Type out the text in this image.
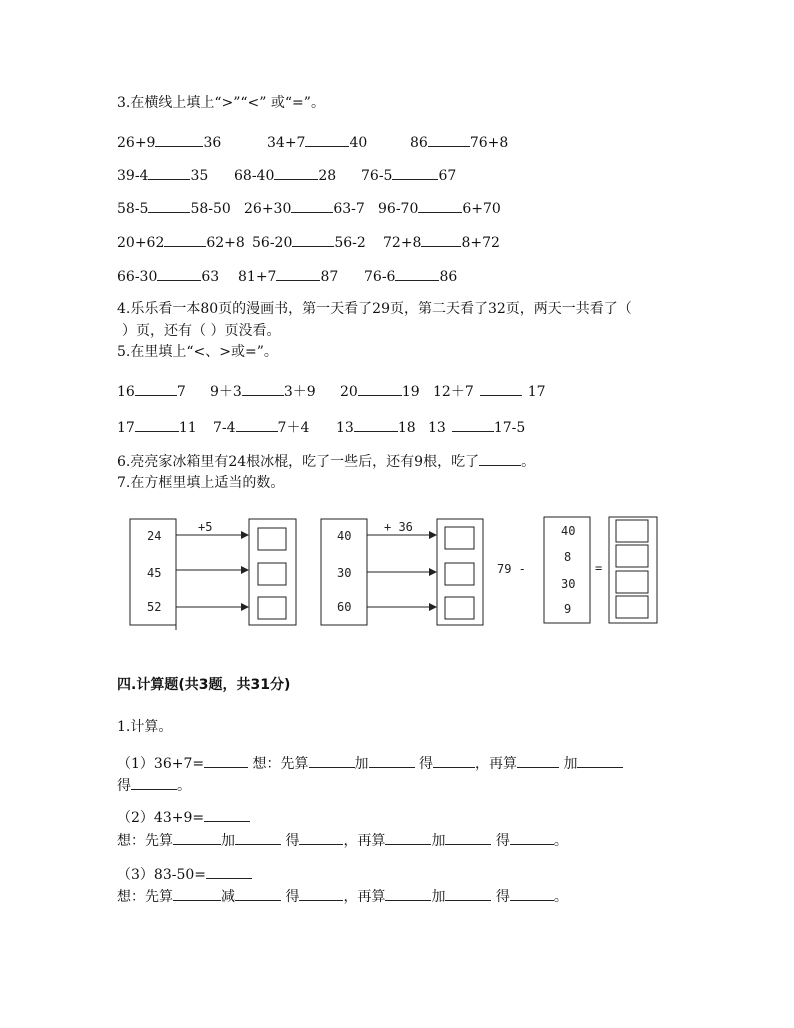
3.在横线上填上“>”“<” 或“=”。
26+9	36	34+7	40	86	76+8
39-4	35 68-40	28 76-5	67
58-5	58-50 26+30	63-7 96-70	6+70
20+62	62+8 56-20	56-2 72+8	8+72
66-30	63 81+7	87 76-6	86
4.乐乐看一本80页的漫画书，第一天看了29页，第二天看了32页，两天一共看了（
）页，还有（ ）页没看。
5.在里填上“<、>或=”。
16	7 9＋3	3＋9 20	19 12＋7	17
17	11 7-4	7＋4 13	18 13	17-5
6.亮亮家冰箱里有24根冰棍，吃了一些后，还有9根，吃了	。
7.在方框里填上适当的数。
24
45
52
+5
40
30
60
+ 36
79 -
40
8
30
9
=
四.计算题(共3题，共31分)
1.计算。
（1）36+7=	想：先算	加	得	，再算	加
得	。
（2）43+9=
想：先算	加	得	，再算	加	得	。
（3）83-50=
想：先算	减	得	，再算	加	得	。
